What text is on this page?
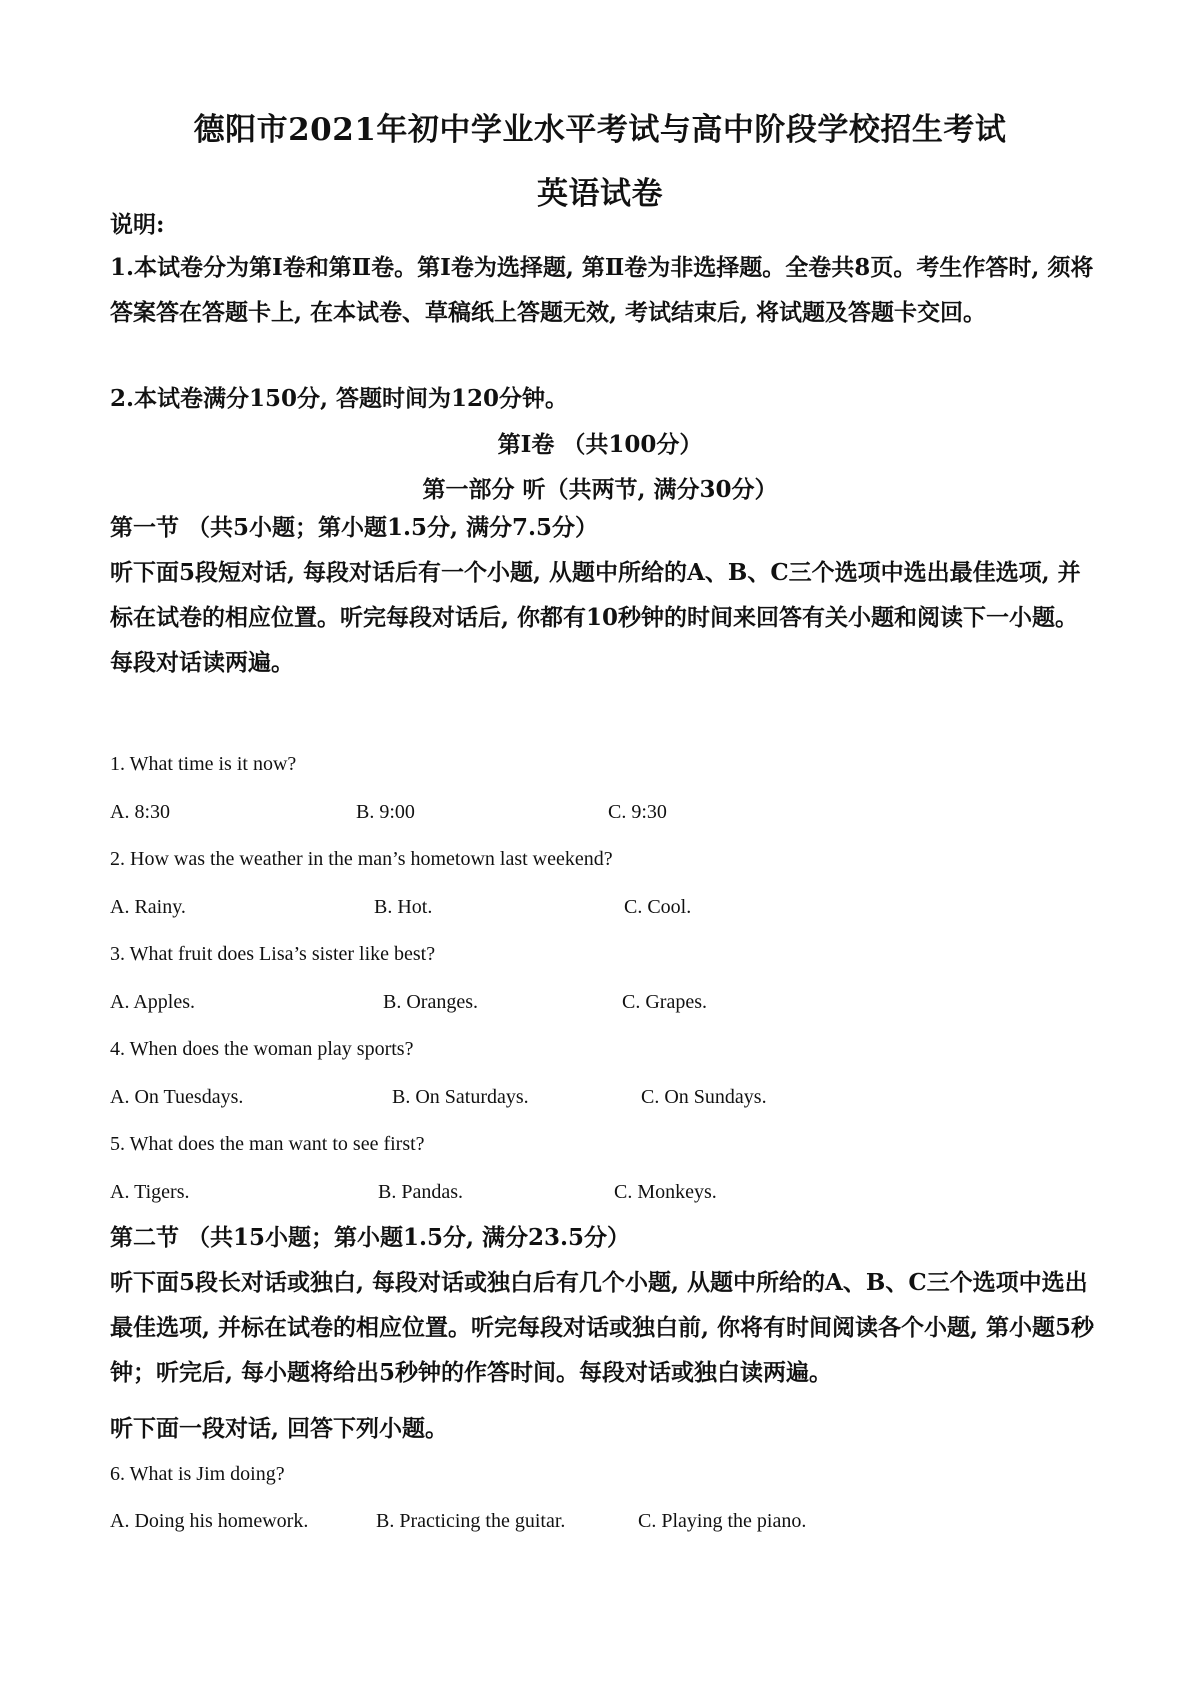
德阳市2021年初中学业水平考试与高中阶段学校招生考试
英语试卷
说明:
1.本试卷分为第I卷和第Ⅱ卷。第I卷为选择题, 第Ⅱ卷为非选择题。全卷共8页。考生作答时, 须将答案答在答题卡上, 在本试卷、草稿纸上答题无效, 考试结束后, 将试题及答题卡交回。
2.本试卷满分150分, 答题时间为120分钟。
第I卷 （共100分）
第一部分 听（共两节, 满分30分）
第一节 （共5小题；第小题1.5分, 满分7.5分）
听下面5段短对话, 每段对话后有一个小题, 从题中所给的A、B、C三个选项中选出最佳选项, 并标在试卷的相应位置。听完每段对话后, 你都有10秒钟的时间来回答有关小题和阅读下一小题。每段对话读两遍。
1. What time is it now?
A. 8:30	B. 9:00	C. 9:30
2. How was the weather in the man’s hometown last weekend?
A. Rainy.	B. Hot.	C. Cool.
3. What fruit does Lisa’s sister like best?
A. Apples.	B. Oranges.	C. Grapes.
4. When does the woman play sports?
A. On Tuesdays.	B. On Saturdays.	C. On Sundays.
5. What does the man want to see first?
A. Tigers.	B. Pandas.	C. Monkeys.
第二节 （共15小题；第小题1.5分, 满分23.5分）
听下面5段长对话或独白, 每段对话或独白后有几个小题, 从题中所给的A、B、C三个选项中选出最佳选项, 并标在试卷的相应位置。听完每段对话或独白前, 你将有时间阅读各个小题, 第小题5秒钟；听完后, 每小题将给出5秒钟的作答时间。每段对话或独白读两遍。
听下面一段对话, 回答下列小题。
6. What is Jim doing?
A. Doing his homework.	B. Practicing the guitar.	C. Playing the piano.
